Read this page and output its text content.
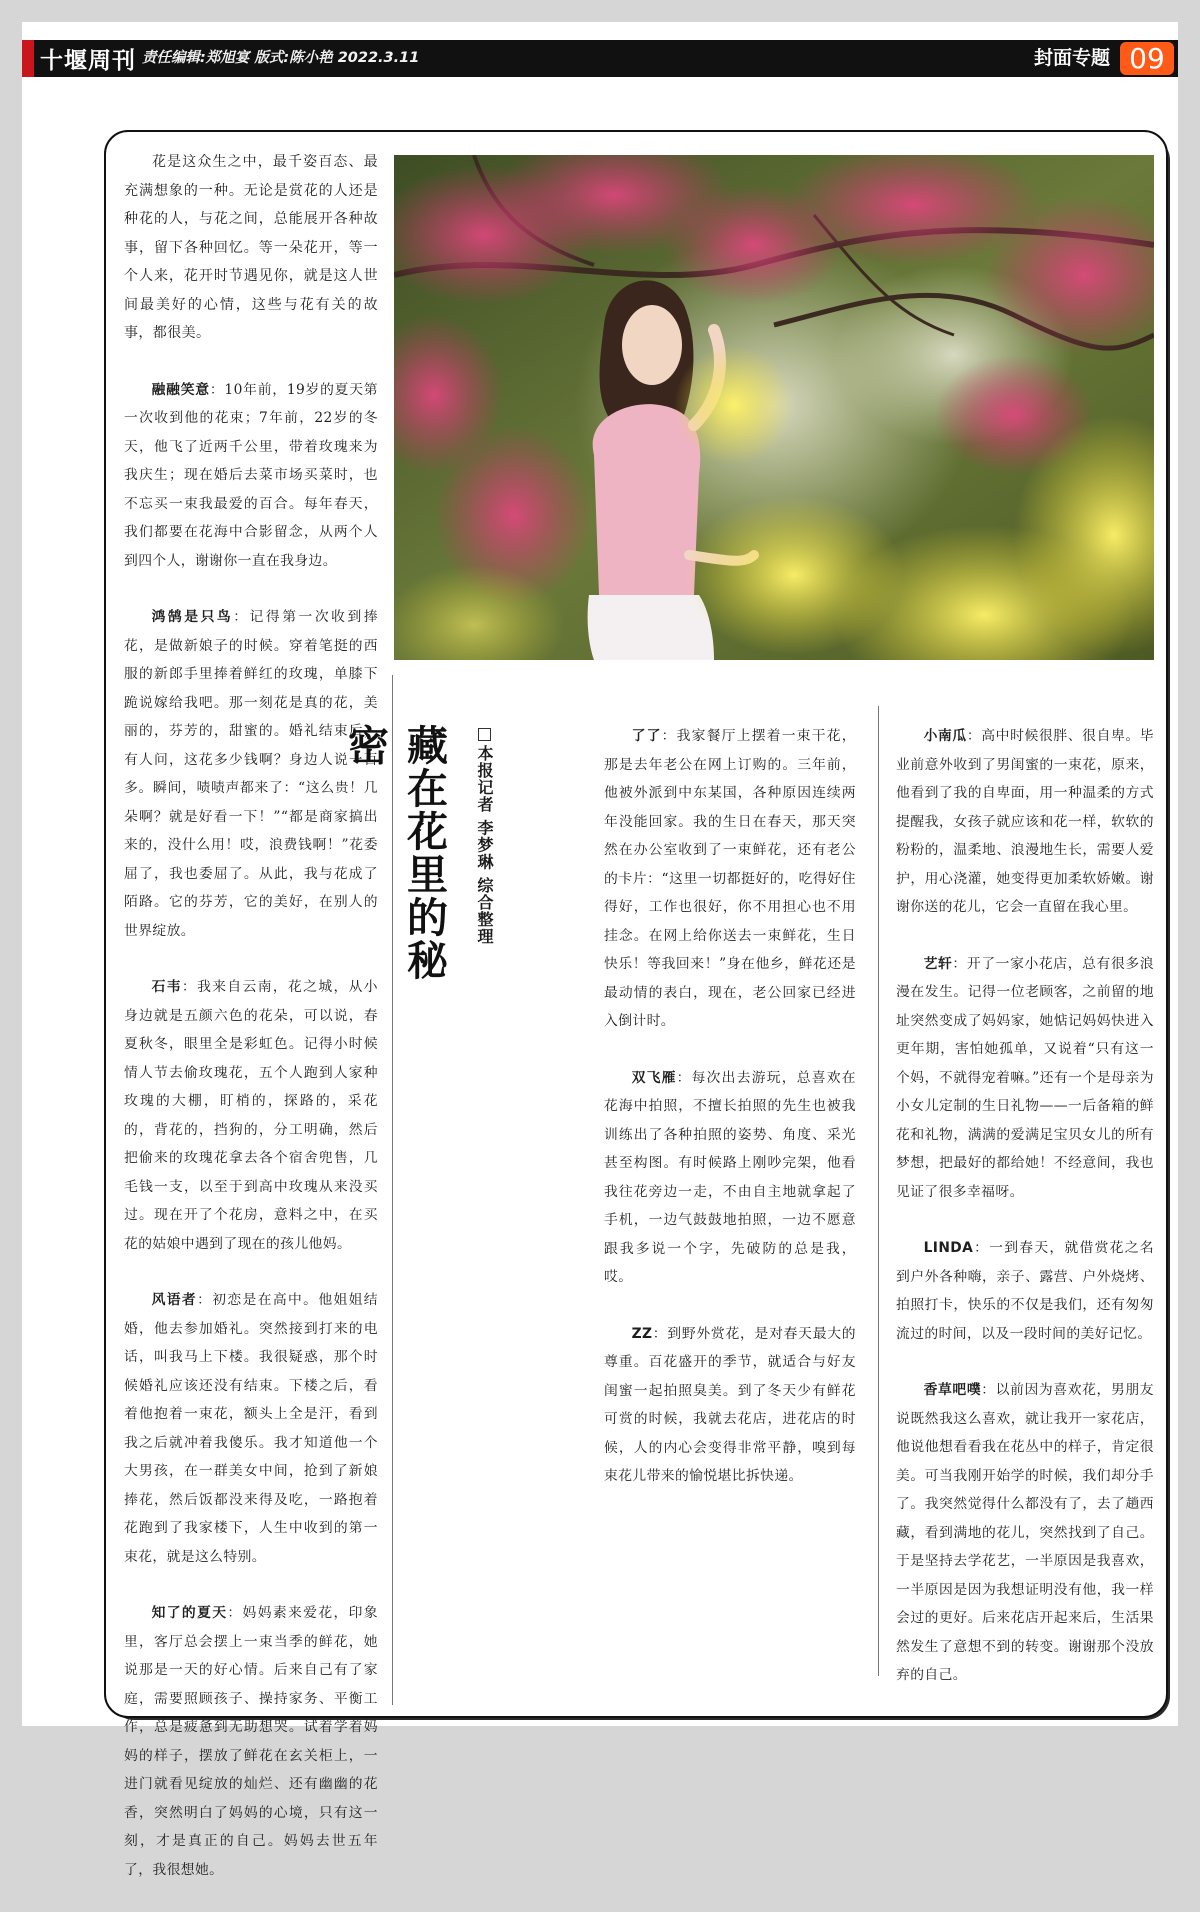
十堰周刊 责任编辑:郑旭宴 版式:陈小艳 2022.3.11	封面专题 09

花是这众生之中，最千姿百态、最充满想象的一种。无论是赏花的人还是种花的人，与花之间，总能展开各种故事，留下各种回忆。等一朵花开，等一个人来，花开时节遇见你，就是这人世间最美好的心情，这些与花有关的故事，都很美。

融融笑意：10年前，19岁的夏天第一次收到他的花束；7年前，22岁的冬天，他飞了近两千公里，带着玫瑰来为我庆生；现在婚后去菜市场买菜时，也不忘买一束我最爱的百合。每年春天，我们都要在花海中合影留念，从两个人到四个人，谢谢你一直在我身边。

鸿鹄是只鸟：记得第一次收到捧花，是做新娘子的时候。穿着笔挺的西服的新郎手里捧着鲜红的玫瑰，单膝下跪说嫁给我吧。那一刻花是真的花，美丽的，芬芳的，甜蜜的。婚礼结束后，有人问，这花多少钱啊？身边人说一百多。瞬间，啧啧声都来了：“这么贵！几朵啊？就是好看一下！”“都是商家搞出来的，没什么用！哎，浪费钱啊！”花委屈了，我也委屈了。从此，我与花成了陌路。它的芬芳，它的美好，在别人的世界绽放。

石韦：我来自云南，花之城，从小身边就是五颜六色的花朵，可以说，春夏秋冬，眼里全是彩虹色。记得小时候情人节去偷玫瑰花，五个人跑到人家种玫瑰的大棚，盯梢的，探路的，采花的，背花的，挡狗的，分工明确，然后把偷来的玫瑰花拿去各个宿舍兜售，几毛钱一支，以至于到高中玫瑰从来没买过。现在开了个花房，意料之中，在买花的姑娘中遇到了现在的孩儿他妈。

风语者：初恋是在高中。他姐姐结婚，他去参加婚礼。突然接到打来的电话，叫我马上下楼。我很疑惑，那个时候婚礼应该还没有结束。下楼之后，看着他抱着一束花，额头上全是汗，看到我之后就冲着我傻乐。我才知道他一个大男孩，在一群美女中间，抢到了新娘捧花，然后饭都没来得及吃，一路抱着花跑到了我家楼下，人生中收到的第一束花，就是这么特别。

知了的夏天：妈妈素来爱花，印象里，客厅总会摆上一束当季的鲜花，她说那是一天的好心情。后来自己有了家庭，需要照顾孩子、操持家务、平衡工作，总是疲惫到无助想哭。试着学着妈妈的样子，摆放了鲜花在玄关柜上，一进门就看见绽放的灿烂、还有幽幽的花香，突然明白了妈妈的心境，只有这一刻，才是真正的自己。妈妈去世五年了，我很想她。

藏在花里的秘密	本报记者 李梦琳 综合整理

了了：我家餐厅上摆着一束干花，那是去年老公在网上订购的。三年前，他被外派到中东某国，各种原因连续两年没能回家。我的生日在春天，那天突然在办公室收到了一束鲜花，还有老公的卡片：“这里一切都挺好的，吃得好住得好，工作也很好，你不用担心也不用挂念。在网上给你送去一束鲜花，生日快乐！等我回来！”身在他乡，鲜花还是最动情的表白，现在，老公回家已经进入倒计时。

双飞雁：每次出去游玩，总喜欢在花海中拍照，不擅长拍照的先生也被我训练出了各种拍照的姿势、角度、采光甚至构图。有时候路上刚吵完架，他看我往花旁边一走，不由自主地就拿起了手机，一边气鼓鼓地拍照，一边不愿意跟我多说一个字，先破防的总是我，哎。

ZZ：到野外赏花，是对春天最大的尊重。百花盛开的季节，就适合与好友闺蜜一起拍照臭美。到了冬天少有鲜花可赏的时候，我就去花店，进花店的时候，人的内心会变得非常平静，嗅到每束花儿带来的愉悦堪比拆快递。

小南瓜：高中时候很胖、很自卑。毕业前意外收到了男闺蜜的一束花，原来，他看到了我的自卑面，用一种温柔的方式提醒我，女孩子就应该和花一样，软软的粉粉的，温柔地、浪漫地生长，需要人爱护，用心浇灌，她变得更加柔软娇嫩。谢谢你送的花儿，它会一直留在我心里。

艺轩：开了一家小花店，总有很多浪漫在发生。记得一位老顾客，之前留的地址突然变成了妈妈家，她惦记妈妈快进入更年期，害怕她孤单，又说着“只有这一个妈，不就得宠着嘛。”还有一个是母亲为小女儿定制的生日礼物——一后备箱的鲜花和礼物，满满的爱满足宝贝女儿的所有梦想，把最好的都给她！不经意间，我也见证了很多幸福呀。

LINDA：一到春天，就借赏花之名到户外各种嗨，亲子、露营、户外烧烤、拍照打卡，快乐的不仅是我们，还有匆匆流过的时间，以及一段时间的美好记忆。

香草吧噗：以前因为喜欢花，男朋友说既然我这么喜欢，就让我开一家花店，他说他想看看我在花丛中的样子，肯定很美。可当我刚开始学的时候，我们却分手了。我突然觉得什么都没有了，去了趟西藏，看到满地的花儿，突然找到了自己。于是坚持去学花艺，一半原因是我喜欢，一半原因是因为我想证明没有他，我一样会过的更好。后来花店开起来后，生活果然发生了意想不到的转变。谢谢那个没放弃的自己。
